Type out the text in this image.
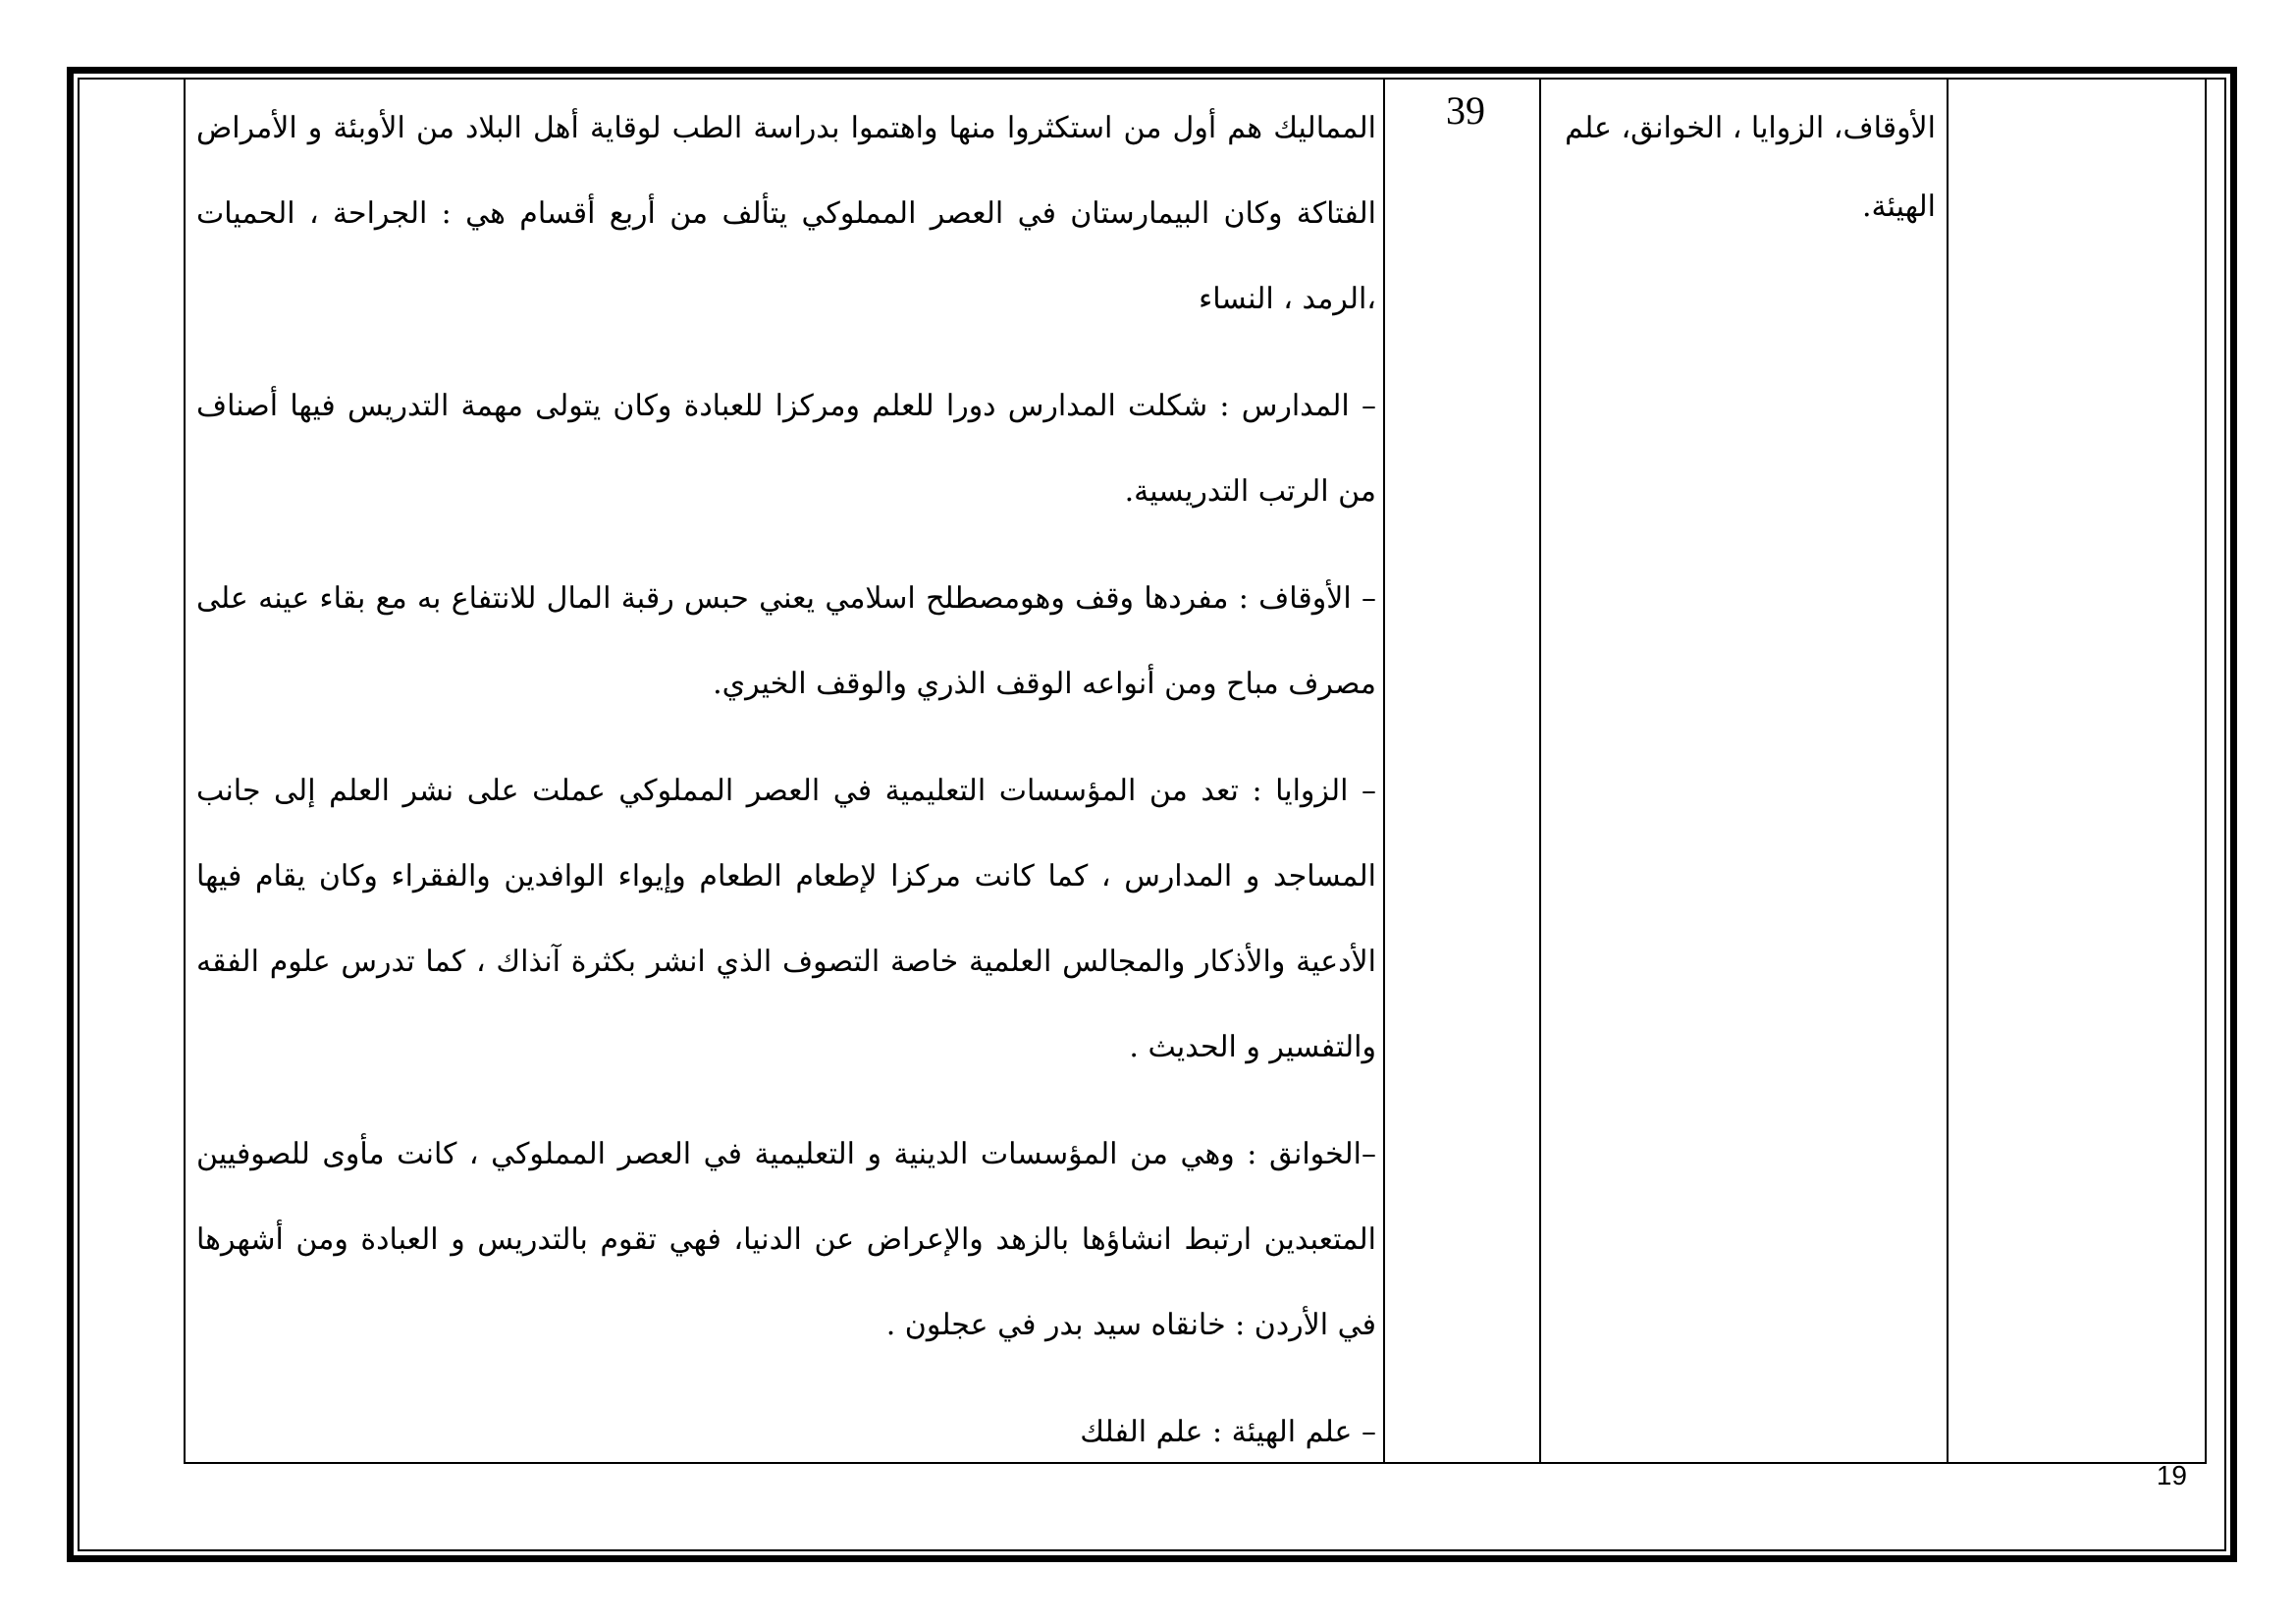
المماليك هم أول من استكثروا منها واهتموا بدراسة الطب لوقاية أهل البلاد من الأوبئة و الأمراض الفتاكة وكان البيمارستان في العصر المملوكي يتألف من أربع أقسام هي : الجراحة ، الحميات ،الرمد ، النساء

– المدارس : شكلت المدارس دورا للعلم ومركزا للعبادة وكان يتولى مهمة التدريس فيها أصناف من الرتب التدريسية.

– الأوقاف : مفردها وقف وهومصطلح اسلامي يعني حبس رقبة المال للانتفاع به مع بقاء عينه على مصرف مباح ومن أنواعه الوقف الذري والوقف الخيري.

– الزوايا : تعد من المؤسسات التعليمية في العصر المملوكي عملت على نشر العلم إلى جانب المساجد و المدارس ، كما كانت مركزا لإطعام الطعام وإيواء الوافدين والفقراء وكان يقام فيها الأدعية والأذكار والمجالس العلمية خاصة التصوف الذي انشر بكثرة آنذاك ، كما تدرس علوم الفقه والتفسير و الحديث .

–الخوانق : وهي من المؤسسات الدينية و التعليمية في العصر المملوكي ، كانت مأوى للصوفيين المتعبدين ارتبط انشاؤها بالزهد والإعراض عن الدنيا، فهي تقوم بالتدريس و العبادة ومن أشهرها في الأردن : خانقاه سيد بدر في عجلون .

– علم الهيئة : علم الفلك

39	الأوقاف، الزوايا ، الخوانق، علم الهيئة.

19
